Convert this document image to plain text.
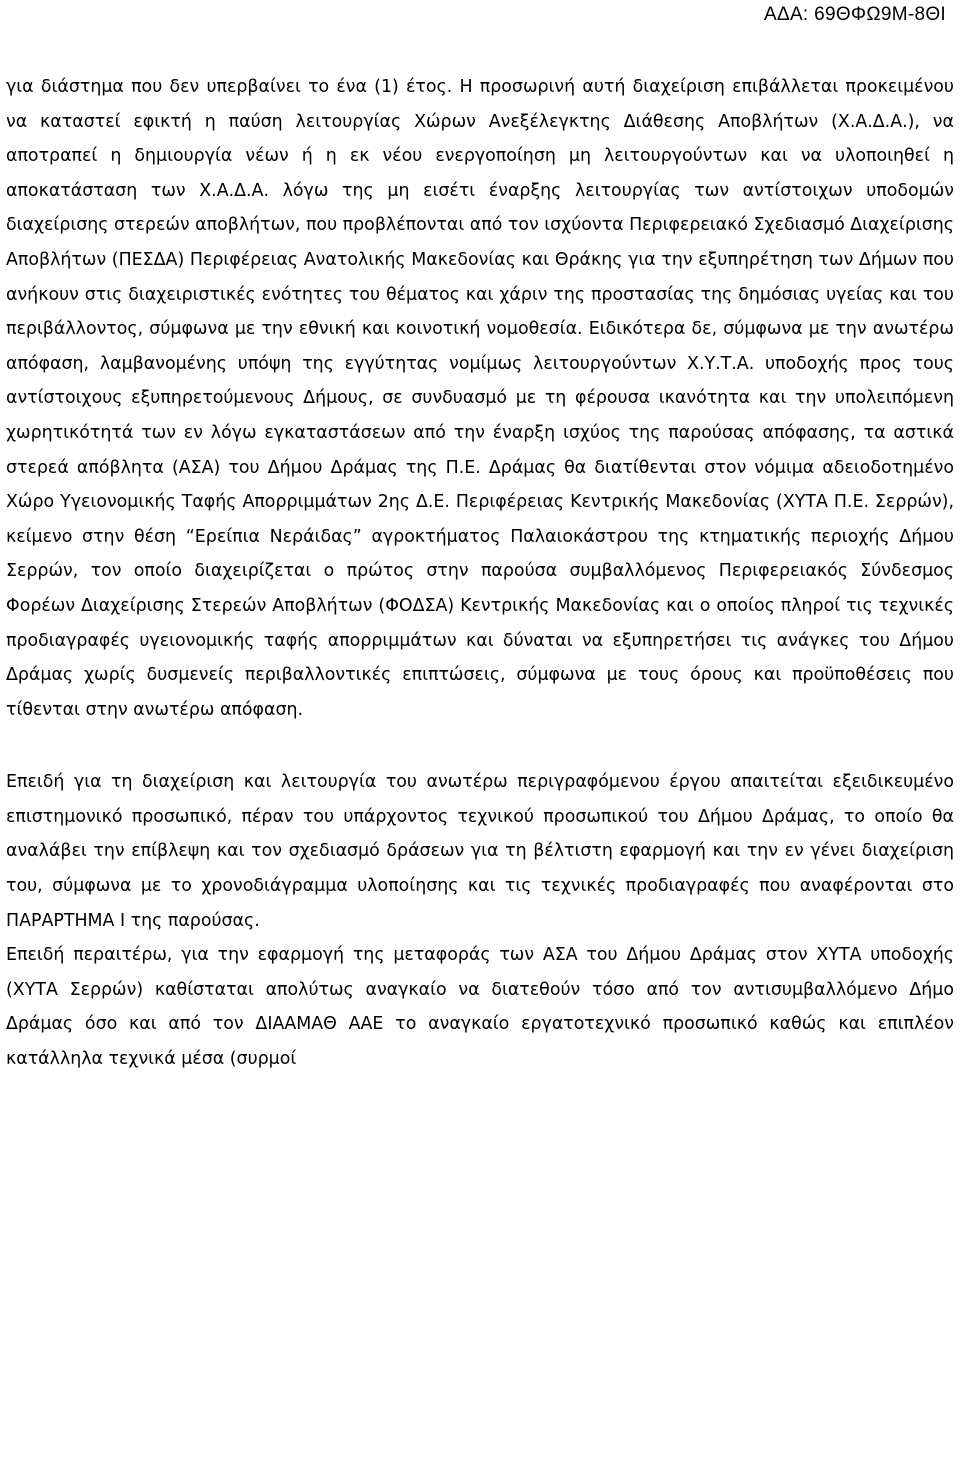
ΑΔΑ: 69ΘΦΩ9Μ-8ΘΙ

για διάστημα που δεν υπερβαίνει το ένα (1) έτος. Η προσωρινή αυτή διαχείριση επιβάλλεται προκειμένου να καταστεί εφικτή η παύση λειτουργίας Χώρων Ανεξέλεγκτης Διάθεσης Αποβλήτων (Χ.Α.Δ.Α.), να αποτραπεί η δημιουργία νέων ή η εκ νέου ενεργοποίηση μη λειτουργούντων και να υλοποιηθεί η αποκατάσταση των Χ.Α.Δ.Α. λόγω της μη εισέτι έναρξης λειτουργίας των αντίστοιχων υποδομών διαχείρισης στερεών αποβλήτων, που προβλέπονται από τον ισχύοντα Περιφερειακό Σχεδιασμό Διαχείρισης Αποβλήτων (ΠΕΣΔΑ) Περιφέρειας Ανατολικής Μακεδονίας και Θράκης για την εξυπηρέτηση των Δήμων που ανήκουν στις διαχειριστικές ενότητες του θέματος και χάριν της προστασίας της δημόσιας υγείας και του περιβάλλοντος, σύμφωνα με την εθνική και κοινοτική νομοθεσία. Ειδικότερα δε, σύμφωνα με την ανωτέρω απόφαση, λαμβανομένης υπόψη της εγγύτητας νομίμως λειτουργούντων Χ.Υ.Τ.Α. υποδοχής προς τους αντίστοιχους εξυπηρετούμενους Δήμους, σε συνδυασμό με τη φέρουσα ικανότητα και την υπολειπόμενη χωρητικότητά των εν λόγω εγκαταστάσεων από την έναρξη ισχύος της παρούσας απόφασης, τα αστικά στερεά απόβλητα (ΑΣΑ) του Δήμου Δράμας της Π.Ε. Δράμας θα διατίθενται στον νόμιμα αδειοδοτημένο Χώρο Υγειονομικής Ταφής Απορριμμάτων 2ης Δ.Ε. Περιφέρειας Κεντρικής Μακεδονίας (ΧΥΤΑ Π.Ε. Σερρών), κείμενο στην θέση “Ερείπια Νεράιδας” αγροκτήματος Παλαιοκάστρου της κτηματικής περιοχής Δήμου Σερρών, τον οποίο διαχειρίζεται ο πρώτος στην παρούσα συμβαλλόμενος Περιφερειακός Σύνδεσμος Φορέων Διαχείρισης Στερεών Αποβλήτων (ΦΟΔΣΑ) Κεντρικής Μακεδονίας και ο οποίος πληροί τις τεχνικές προδιαγραφές υγειονομικής ταφής απορριμμάτων και δύναται να εξυπηρετήσει τις ανάγκες του Δήμου Δράμας χωρίς δυσμενείς περιβαλλοντικές επιπτώσεις, σύμφωνα με τους όρους και προϋποθέσεις που τίθενται στην ανωτέρω απόφαση.

Επειδή για τη διαχείριση και λειτουργία του ανωτέρω περιγραφόμενου έργου απαιτείται εξειδικευμένο επιστημονικό προσωπικό, πέραν του υπάρχοντος τεχνικού προσωπικού του Δήμου Δράμας, το οποίο θα αναλάβει την επίβλεψη και τον σχεδιασμό δράσεων για τη βέλτιστη εφαρμογή και την εν γένει διαχείριση του, σύμφωνα με το χρονοδιάγραμμα υλοποίησης και τις τεχνικές προδιαγραφές που αναφέρονται στο ΠΑΡΑΡΤΗΜΑ Ι της παρούσας.

Επειδή περαιτέρω, για την εφαρμογή της μεταφοράς των ΑΣΑ του Δήμου Δράμας στον ΧΥΤΑ υποδοχής (ΧΥΤΑ Σερρών) καθίσταται απολύτως αναγκαίο να διατεθούν τόσο από τον αντισυμβαλλόμενο Δήμο Δράμας όσο και από τον ΔΙΑΑΜΑΘ ΑΑΕ το αναγκαίο εργατοτεχνικό προσωπικό καθώς και επιπλέον κατάλληλα τεχνικά μέσα (συρμοί
